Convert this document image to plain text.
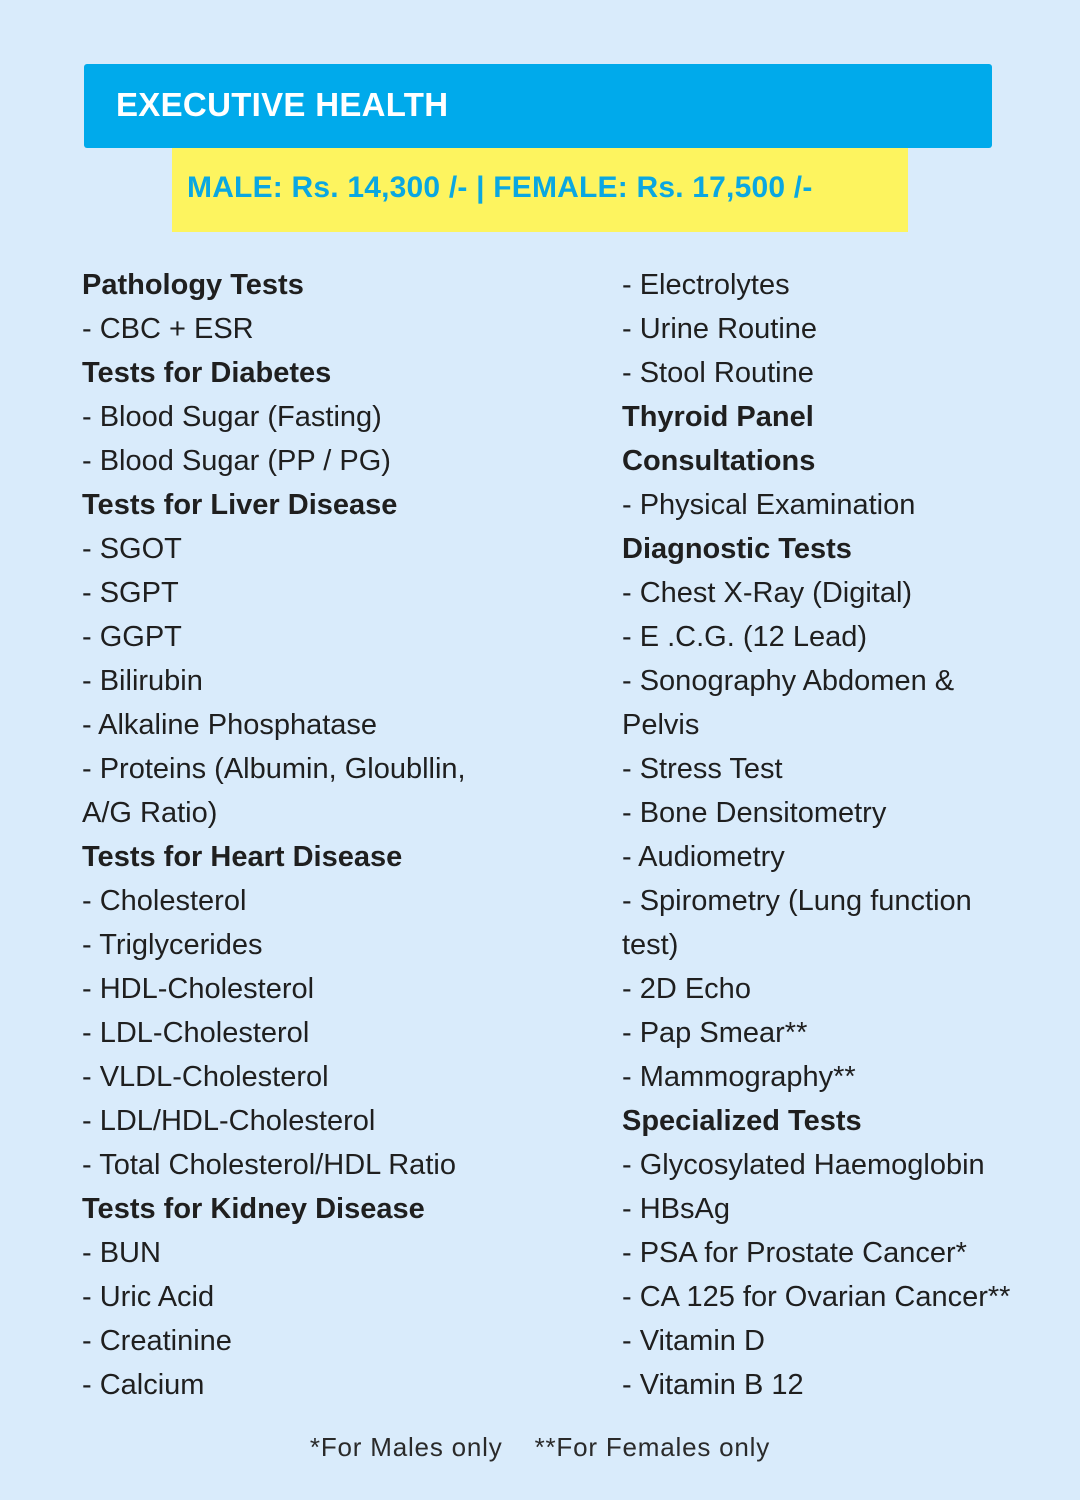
EXECUTIVE HEALTH
MALE: Rs. 14,300 /- | FEMALE: Rs. 17,500 /-
Pathology Tests
- CBC + ESR
Tests for Diabetes
- Blood Sugar (Fasting)
- Blood Sugar (PP / PG)
Tests for Liver Disease
- SGOT
- SGPT
- GGPT
- Bilirubin
- Alkaline Phosphatase
- Proteins (Albumin, Gloubllin,
A/G Ratio)
Tests for Heart Disease
- Cholesterol
- Triglycerides
- HDL-Cholesterol
- LDL-Cholesterol
- VLDL-Cholesterol
- LDL/HDL-Cholesterol
- Total Cholesterol/HDL Ratio
Tests for Kidney Disease
- BUN
- Uric Acid
- Creatinine
- Calcium
- Electrolytes
- Urine Routine
- Stool Routine
Thyroid Panel
Consultations
- Physical Examination
Diagnostic Tests
- Chest X-Ray (Digital)
- E .C.G. (12 Lead)
- Sonography Abdomen &
Pelvis
- Stress Test
- Bone Densitometry
- Audiometry
- Spirometry (Lung function
test)
- 2D Echo
- Pap Smear**
- Mammography**
Specialized Tests
- Glycosylated Haemoglobin
- HBsAg
- PSA for Prostate Cancer*
- CA 125 for Ovarian Cancer**
- Vitamin D
- Vitamin B 12
*For Males only **For Females only
